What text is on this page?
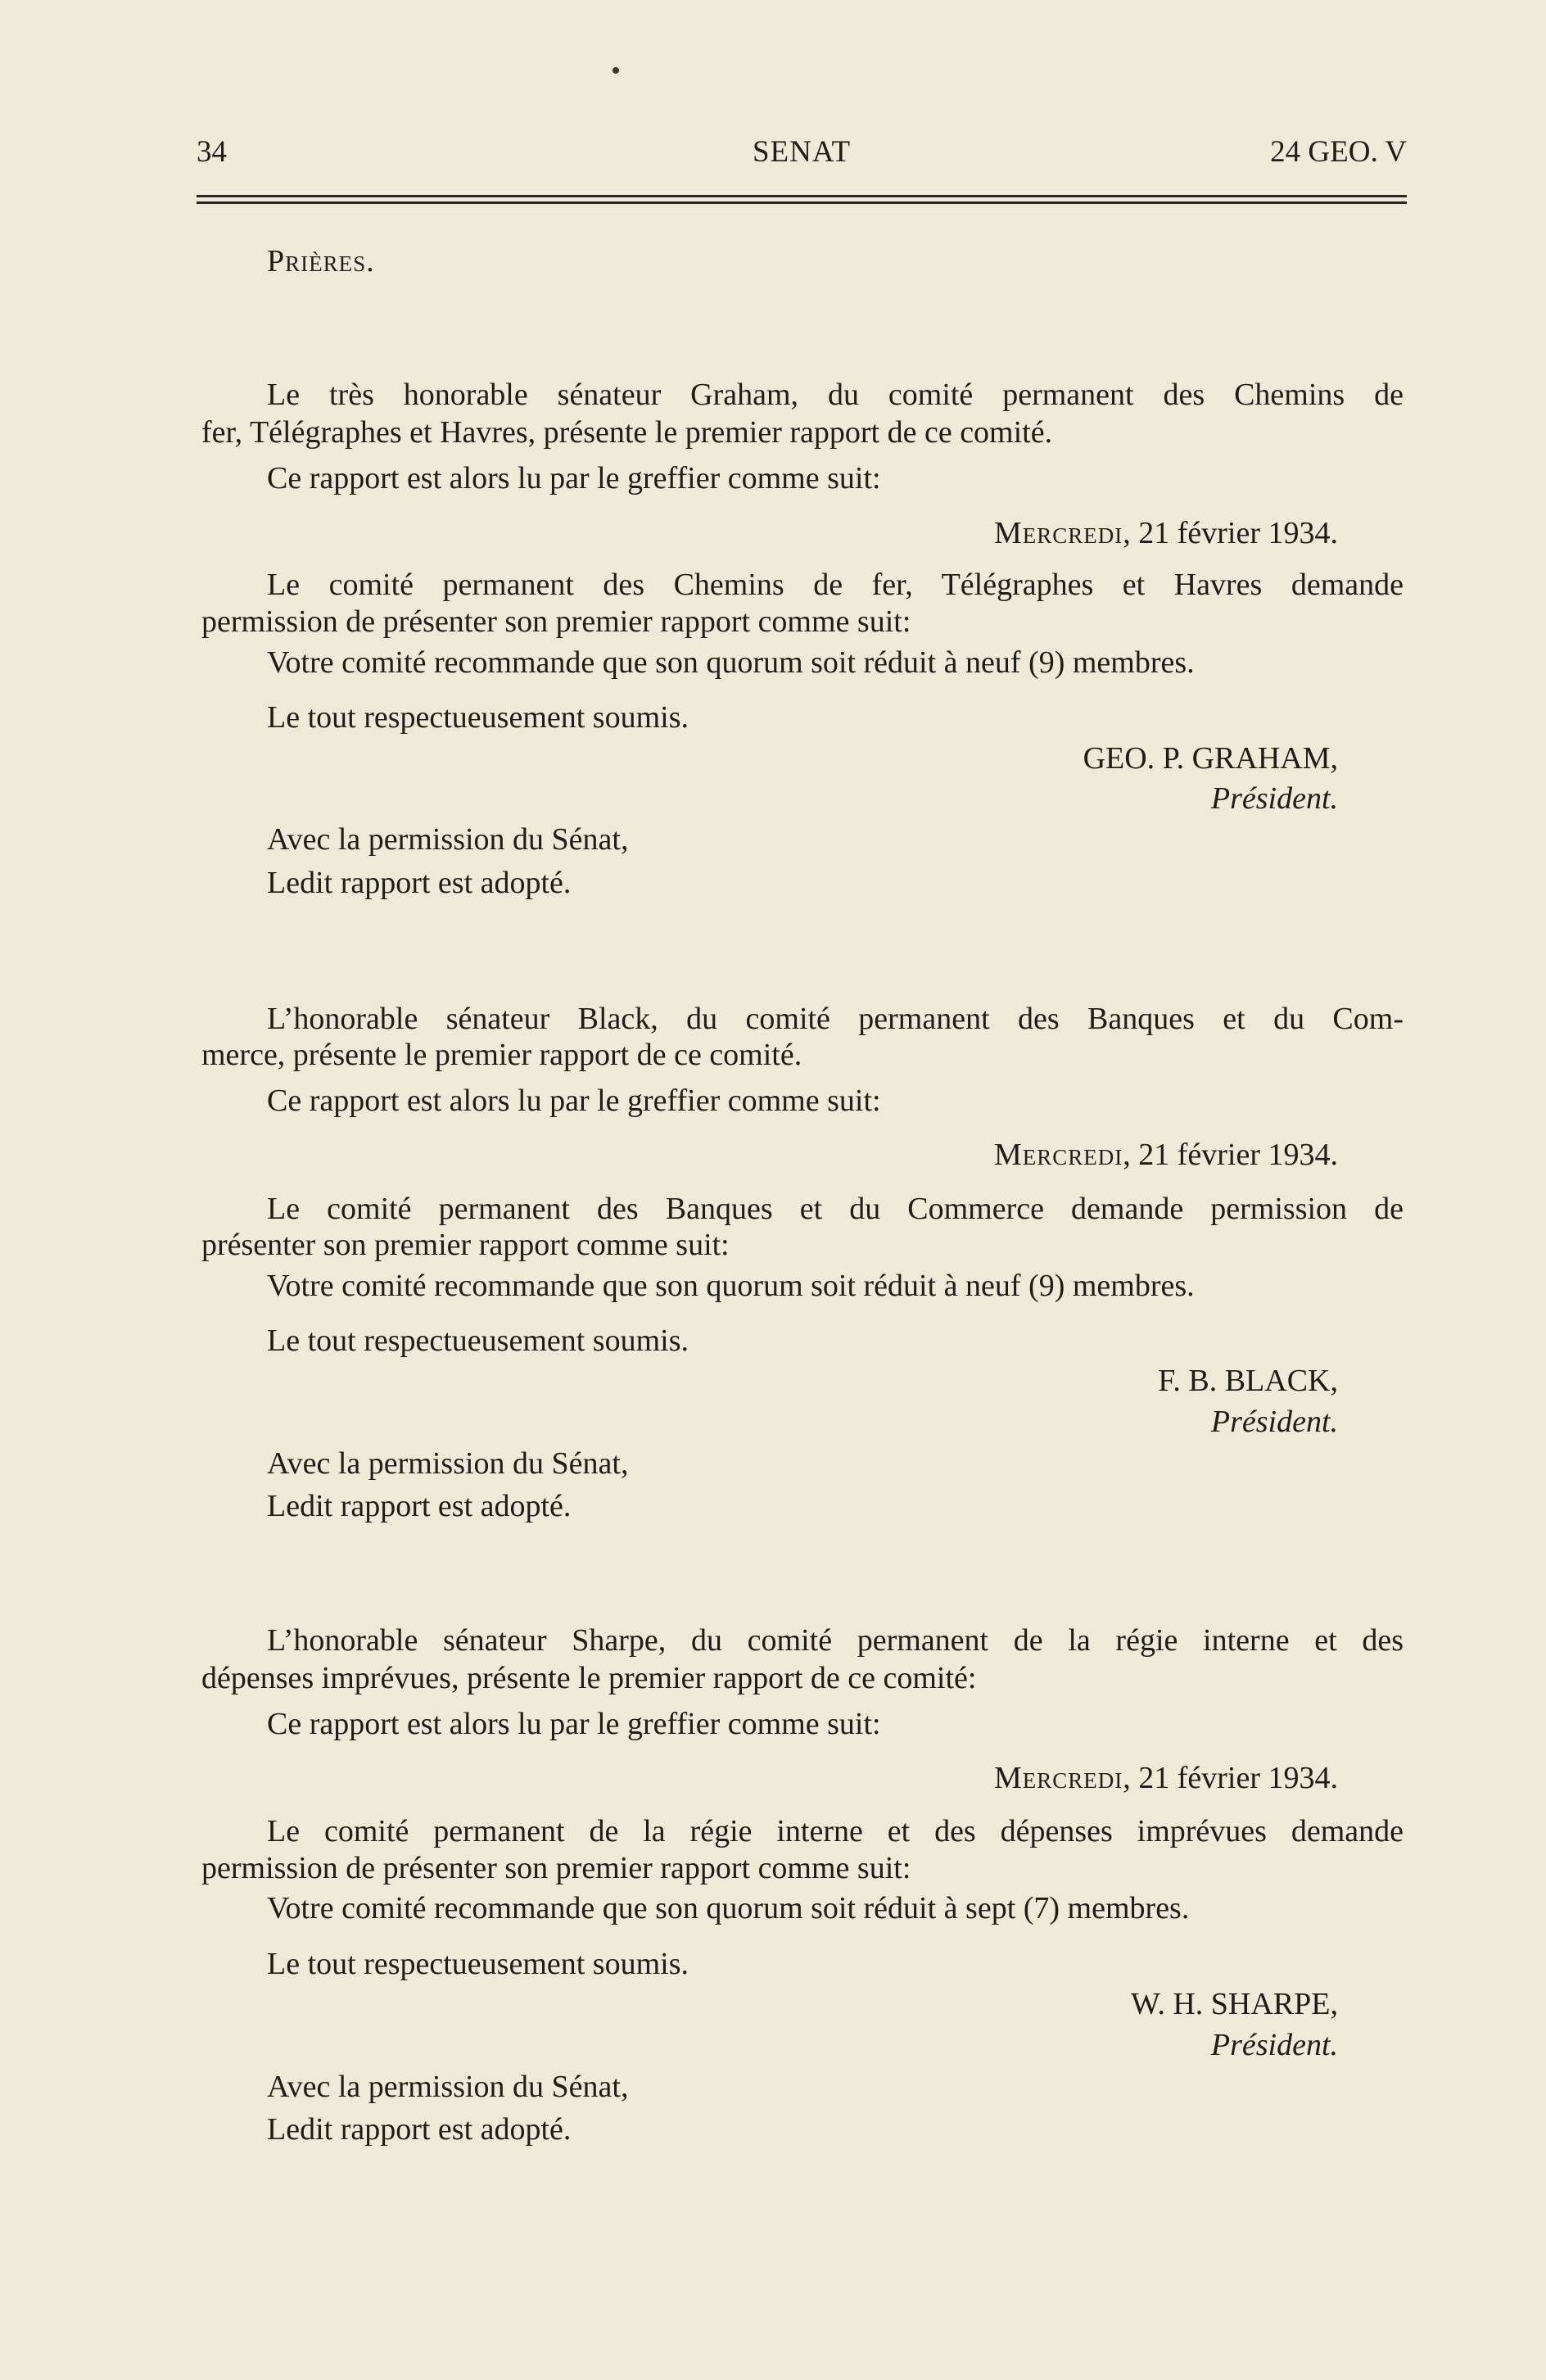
34	SENAT	24 GEO. V
Prières.
Le très honorable sénateur Graham, du comité permanent des Chemins de
fer, Télégraphes et Havres, présente le premier rapport de ce comité.
Ce rapport est alors lu par le greffier comme suit:
Mercredi, 21 février 1934.
Le comité permanent des Chemins de fer, Télégraphes et Havres demande
permission de présenter son premier rapport comme suit:
Votre comité recommande que son quorum soit réduit à neuf (9) membres.
Le tout respectueusement soumis.
GEO. P. GRAHAM,
Président.
Avec la permission du Sénat,
Ledit rapport est adopté.
L’honorable sénateur Black, du comité permanent des Banques et du Com-
merce, présente le premier rapport de ce comité.
Ce rapport est alors lu par le greffier comme suit:
Mercredi, 21 février 1934.
Le comité permanent des Banques et du Commerce demande permission de
présenter son premier rapport comme suit:
Votre comité recommande que son quorum soit réduit à neuf (9) membres.
Le tout respectueusement soumis.
F. B. BLACK,
Président.
Avec la permission du Sénat,
Ledit rapport est adopté.
L’honorable sénateur Sharpe, du comité permanent de la régie interne et des
dépenses imprévues, présente le premier rapport de ce comité:
Ce rapport est alors lu par le greffier comme suit:
Mercredi, 21 février 1934.
Le comité permanent de la régie interne et des dépenses imprévues demande
permission de présenter son premier rapport comme suit:
Votre comité recommande que son quorum soit réduit à sept (7) membres.
Le tout respectueusement soumis.
W. H. SHARPE,
Président.
Avec la permission du Sénat,
Ledit rapport est adopté.
